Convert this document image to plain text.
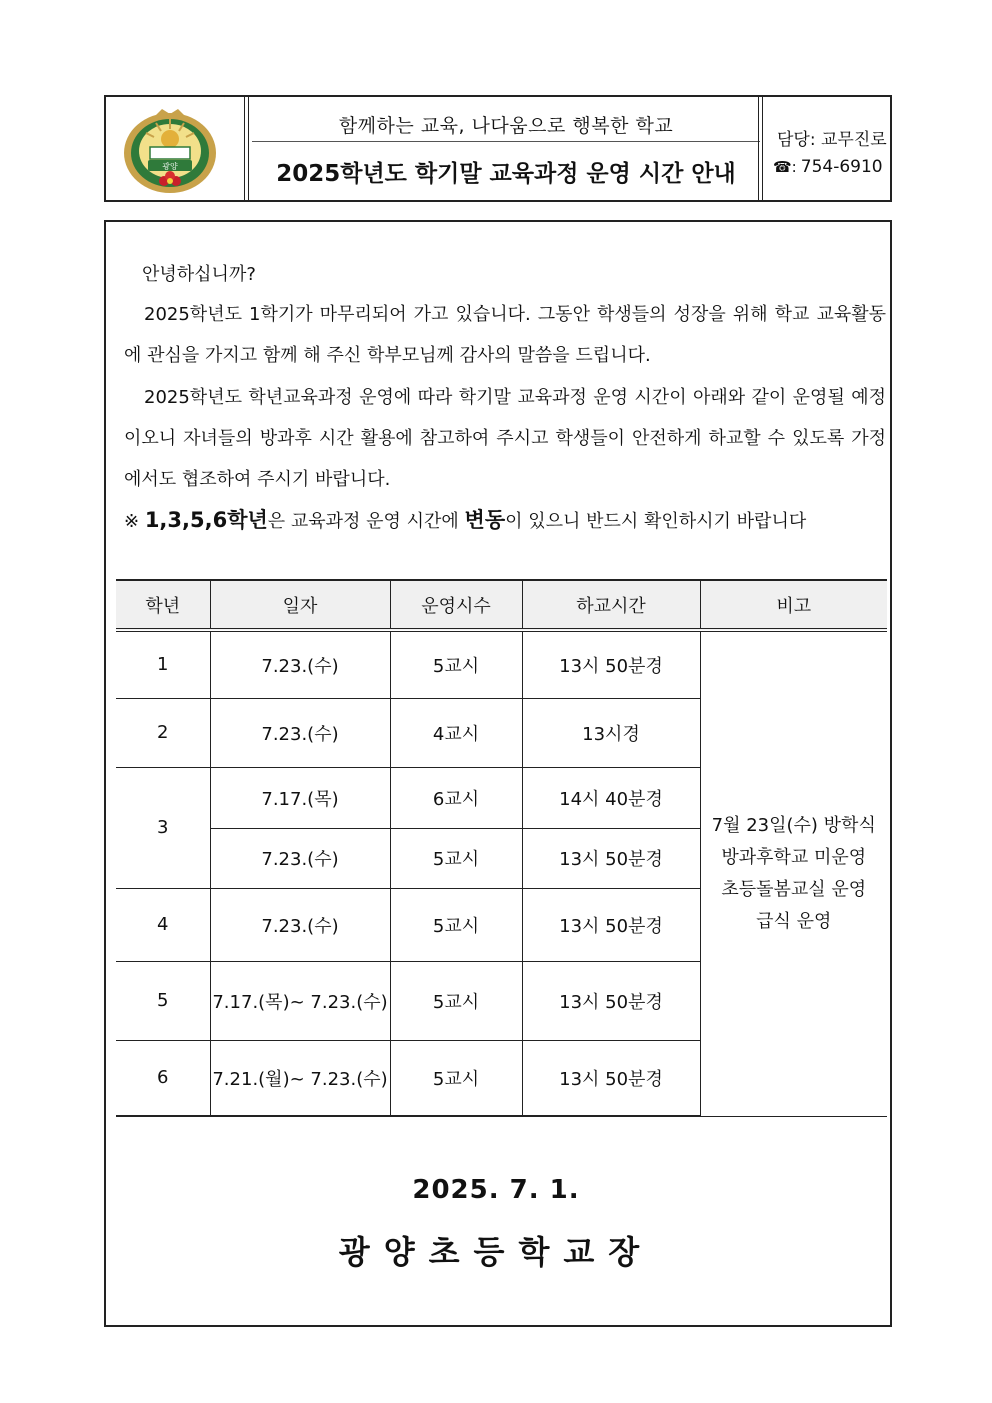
광양
함께하는 교육, 나다움으로 행복한 학교
2025학년도 학기말 교육과정 운영 시간 안내
담당: 교무진로
☎: 754-6910
안녕하십니까?
2025학년도 1학기가 마무리되어 가고 있습니다. 그동안 학생들의 성장을 위해 학교 교육활동에 관심을 가지고 함께 해 주신 학부모님께 감사의 말씀을 드립니다.
2025학년도 학년교육과정 운영에 따라 학기말 교육과정 운영 시간이 아래와 같이 운영될 예정이오니 자녀들의 방과후 시간 활용에 참고하여 주시고 학생들이 안전하게 하교할 수 있도록 가정에서도 협조하여 주시기 바랍니다.
※ 1,3,5,6학년은 교육과정 운영 시간에 변동이 있으니 반드시 확인하시기 바랍니다
학년	일자	운영시수	하교시간	비고
1	7.23.(수)	5교시	13시 50분경	7월 23일(수) 방학식
방과후학교 미운영
초등돌봄교실 운영
급식 운영

2	7.23.(수)	4교시	13시경	
3	7.17.(목)	6교시	14시 40분경	
	7.23.(수)	5교시	13시 50분경	
4	7.23.(수)	5교시	13시 50분경	
5	7.17.(목)~ 7.23.(수)	5교시	13시 50분경	
6	7.21.(월)~ 7.23.(수)	5교시	13시 50분경	
2025. 7. 1.
광양초등학교장
